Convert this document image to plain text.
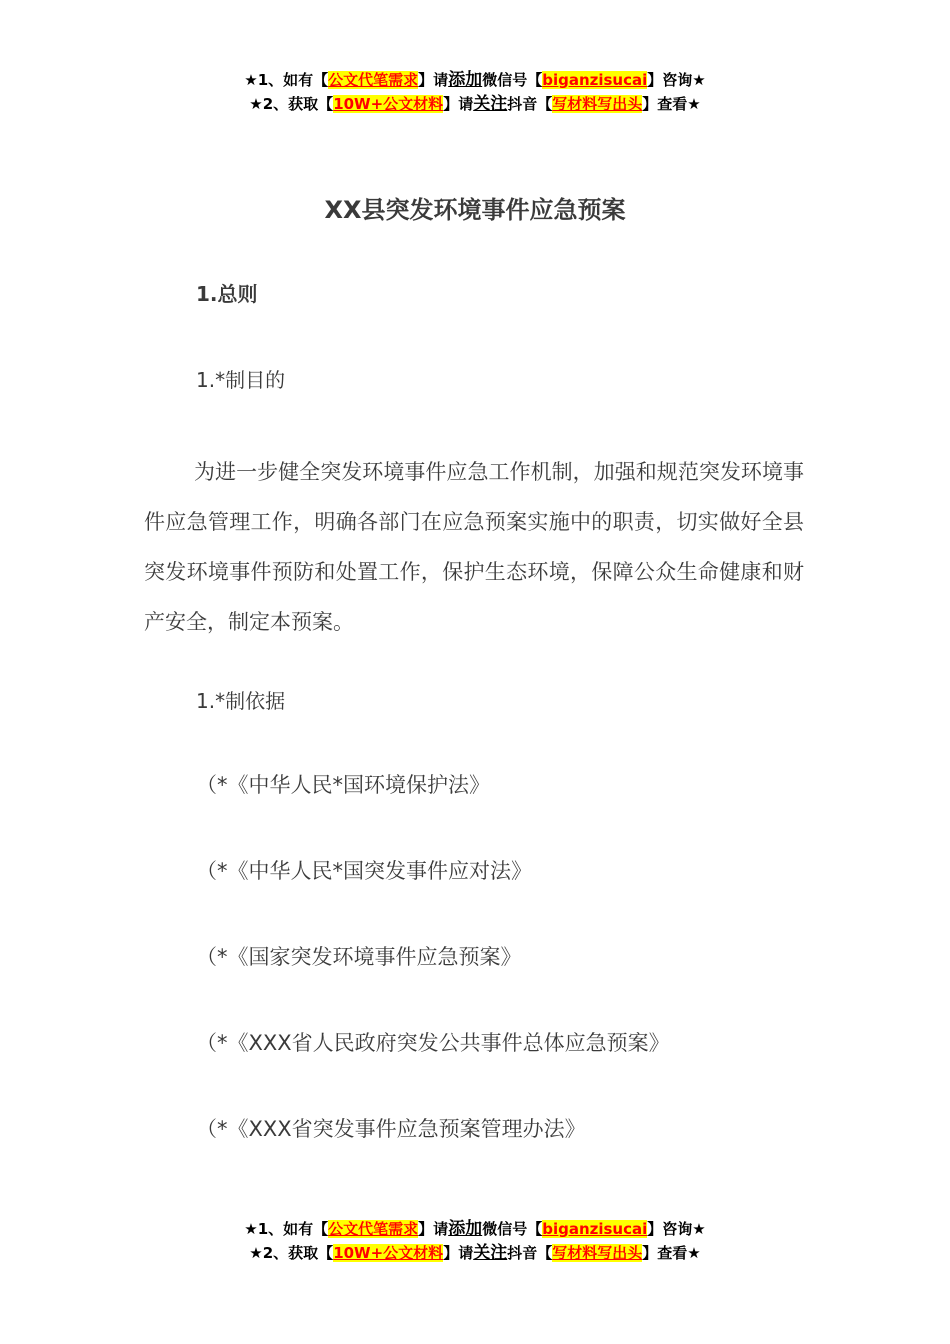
★1、如有【公文代笔需求】请添加微信号【biganzisucai】咨询★
★2、获取【10W+公文材料】请关注抖音【写材料写出头】查看★
XX县突发环境事件应急预案
1.总则
1.*制目的
为进一步健全突发环境事件应急工作机制，加强和规范突发环境事件应急管理工作，明确各部门在应急预案实施中的职责，切实做好全县突发环境事件预防和处置工作，保护生态环境，保障公众生命健康和财产安全，制定本预案。
1.*制依据
（*《中华人民*国环境保护法》
（*《中华人民*国突发事件应对法》
（*《国家突发环境事件应急预案》
（*《XXX省人民政府突发公共事件总体应急预案》
（*《XXX省突发事件应急预案管理办法》
★1、如有【公文代笔需求】请添加微信号【biganzisucai】咨询★
★2、获取【10W+公文材料】请关注抖音【写材料写出头】查看★
